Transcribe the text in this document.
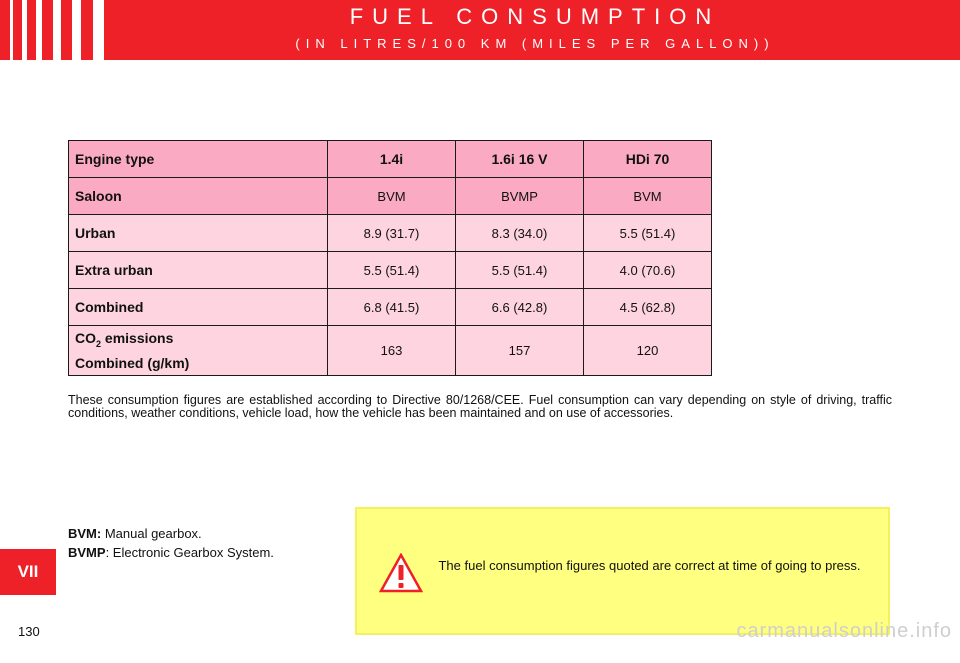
FUEL CONSUMPTION
(IN LITRES/100 KM (MILES PER GALLON))
Engine type	1.4i	1.6i 16 V	HDi 70
Saloon	BVM	BVMP	BVM
Urban	8.9 (31.7)	8.3 (34.0)	5.5 (51.4)
Extra urban	5.5 (51.4)	5.5 (51.4)	4.0 (70.6)
Combined	6.8 (41.5)	6.6 (42.8)	4.5 (62.8)

$CO_2$ emissions
Combined (g/km)	163	157	120
These consumption figures are established according to Directive 80/1268/CEE. Fuel consumption can vary depending on style of driving, traffic conditions, weather conditions, vehicle load, how the vehicle has been maintained and on use of accessories.
BVM: Manual gearbox.
BVMP: Electronic Gearbox System.
The fuel consumption figures quoted are correct at time of going to press.
VII
130	carmanualsonline.info
